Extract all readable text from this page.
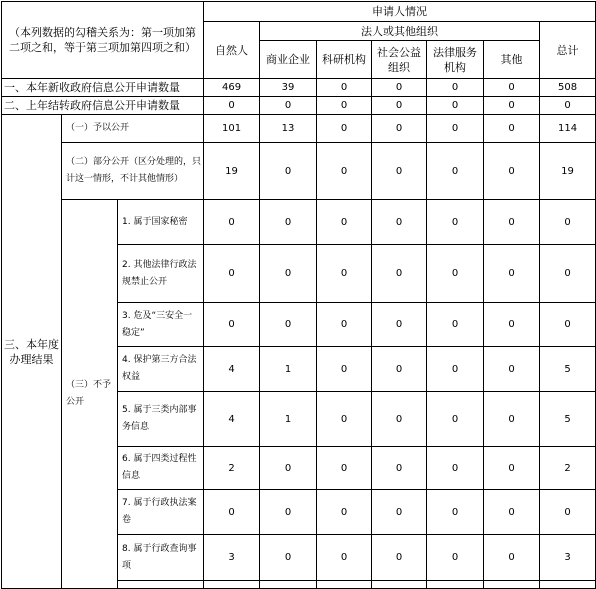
（本列数据的勾稽关系为：第一项加第二项之和，等于第三项加第四项之和）			申请人情况						
			自然人	法人或其他组织					总计
				商业企业	科研机构	社会公益组织	法律服务机构	其他	
一、本年新收政府信息公开申请数量			469	39	0	0	0	0	508
二、上年结转政府信息公开申请数量			0	0	0	0	0	0	0
三、本年度办理结果	（一）予以公开		101	13	0	0	0	0	114
	（二）部分公开（区分处理的，只计这一情形，不计其他情形）		19	0	0	0	0	0	19
	（三）不予公开	1. 属于国家秘密	0	0	0	0	0	0	0
		2. 其他法律行政法规禁止公开	0	0	0	0	0	0	0
		3. 危及“三安全一稳定”	0	0	0	0	0	0	0
		4. 保护第三方合法权益	4	1	0	0	0	0	5
		5. 属于三类内部事务信息	4	1	0	0	0	0	5
		6. 属于四类过程性信息	2	0	0	0	0	0	2
		7. 属于行政执法案卷	0	0	0	0	0	0	0
		8. 属于行政查询事项	3	0	0	0	0	0	3
